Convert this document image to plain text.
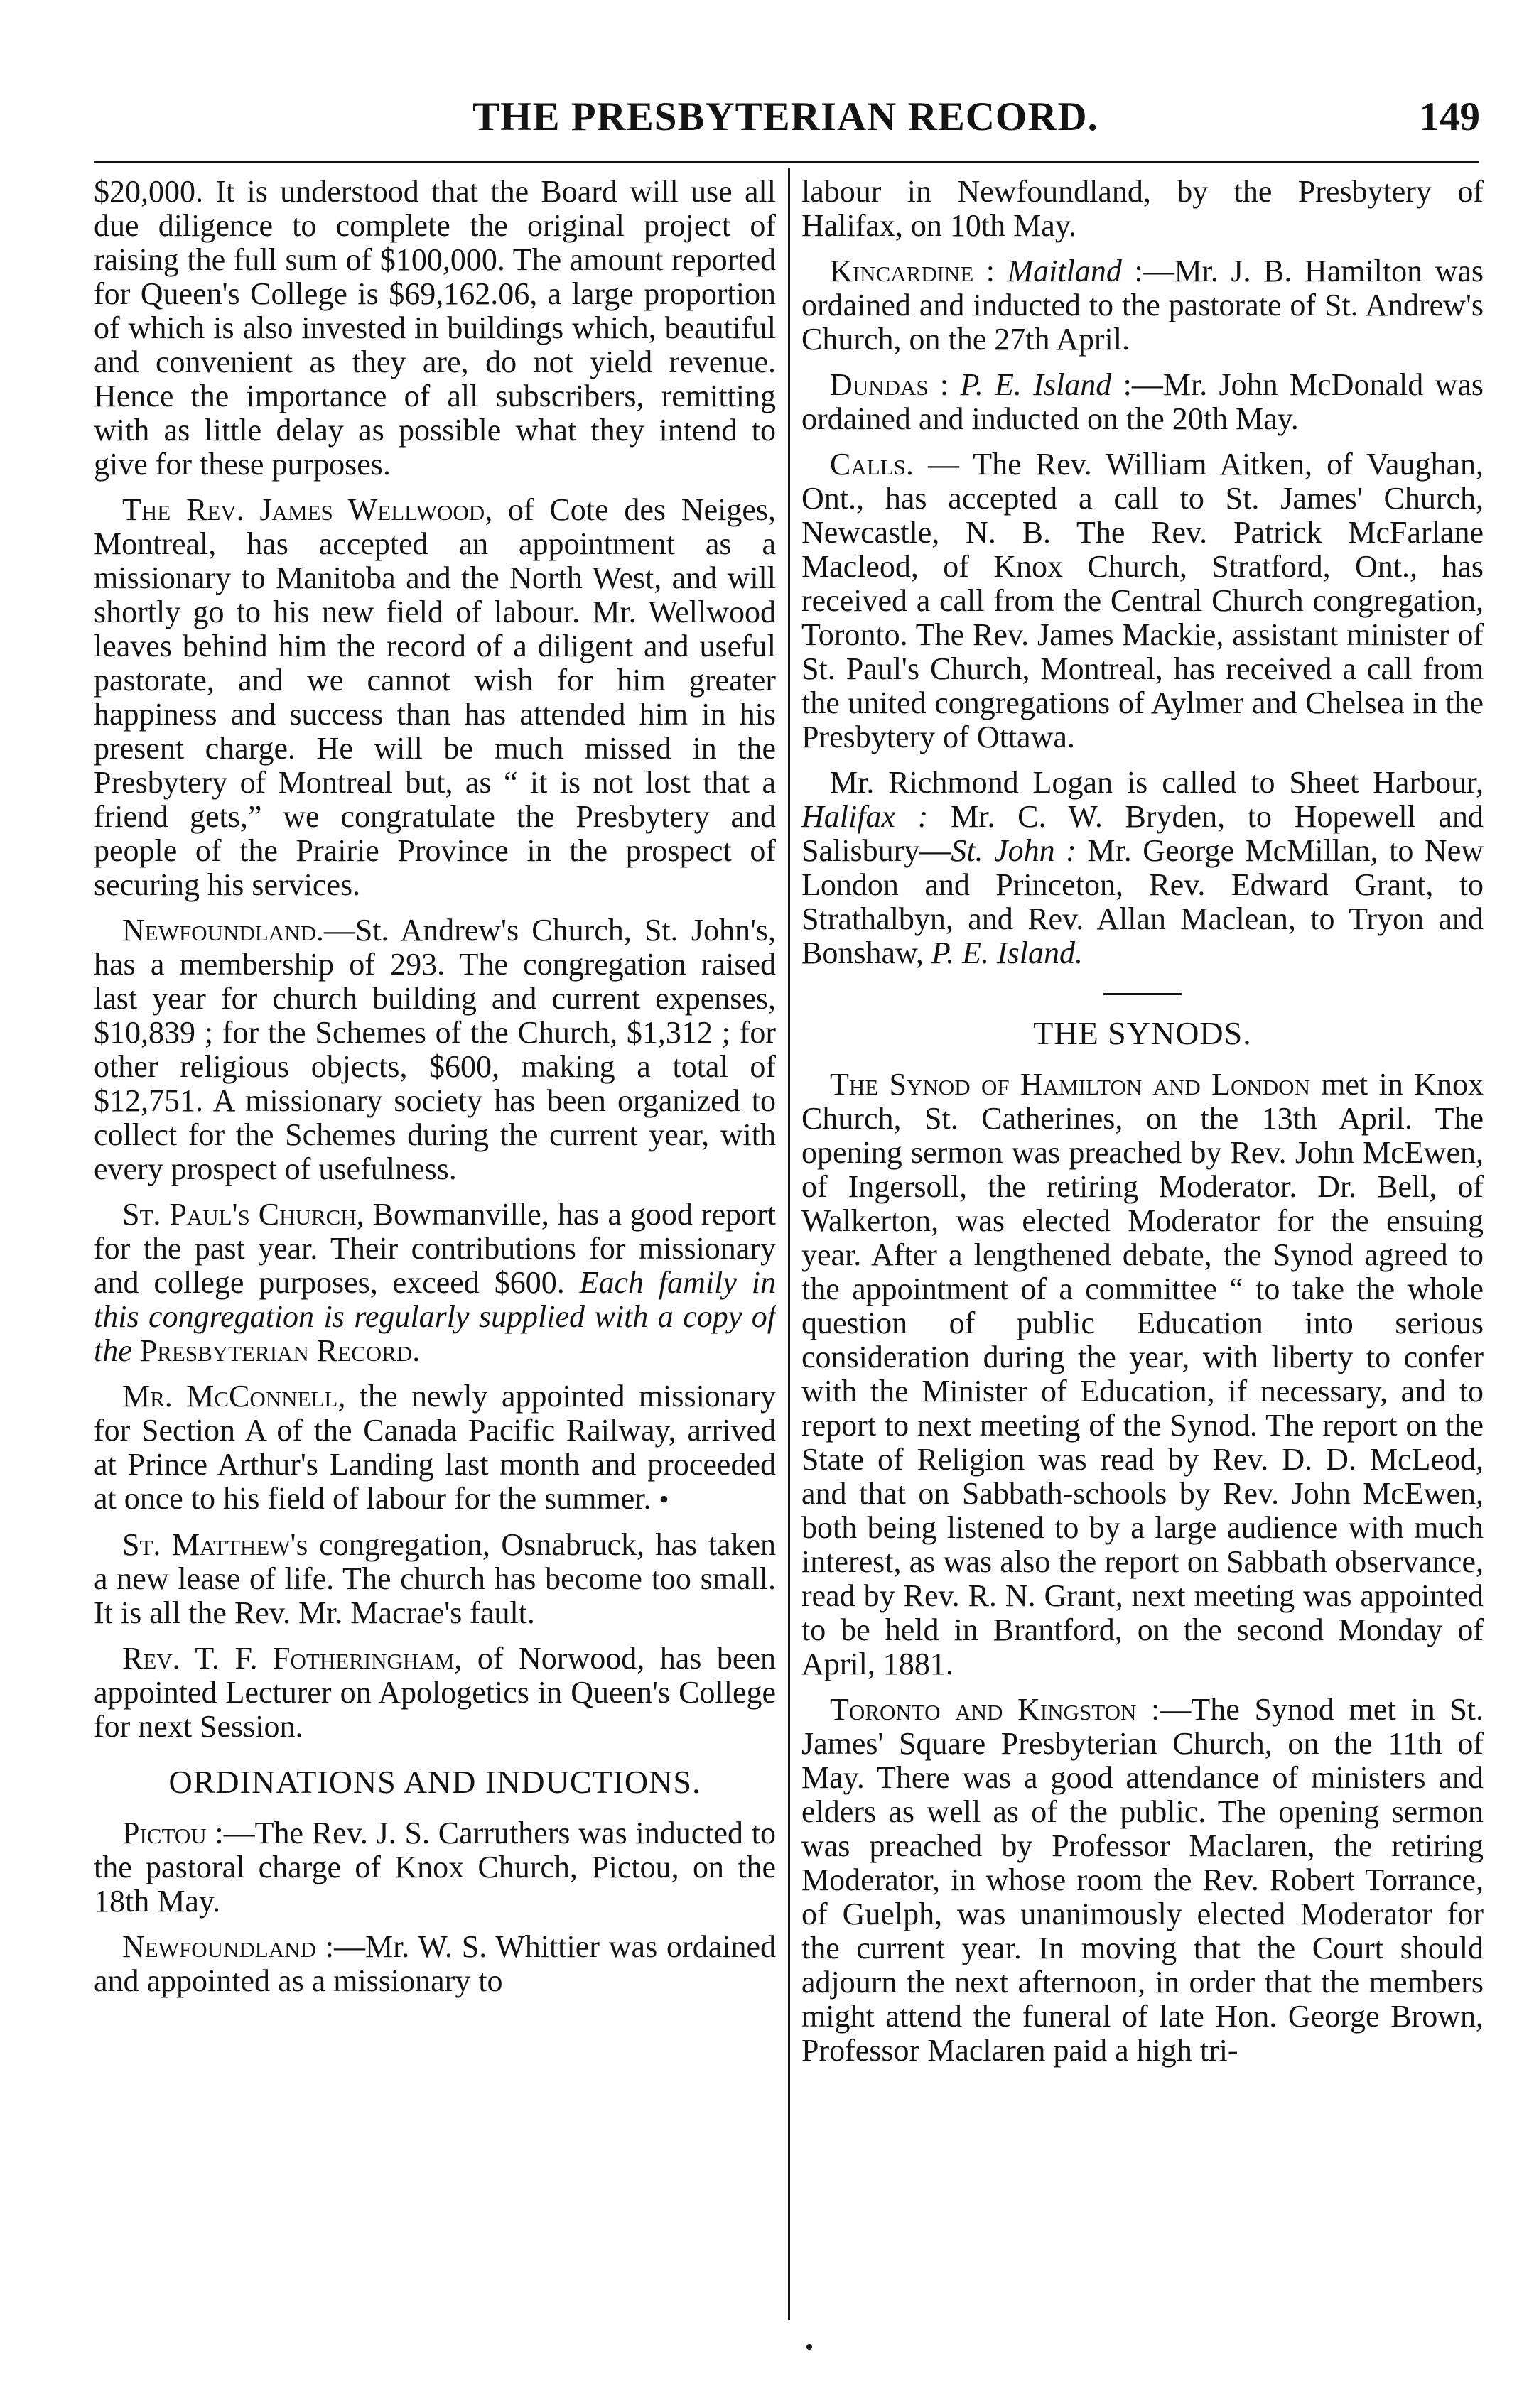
THE PRESBYTERIAN RECORD.	149

$20,000. It is understood that the Board will use all due diligence to complete the original project of raising the full sum of $100,000. The amount reported for Queen's College is $69,162.06, a large proportion of which is also invested in buildings which, beautiful and convenient as they are, do not yield revenue. Hence the importance of all subscribers, remitting with as little delay as possible what they intend to give for these purposes.

The Rev. James Wellwood, of Cote des Neiges, Montreal, has accepted an appointment as a missionary to Manitoba and the North West, and will shortly go to his new field of labour. Mr. Wellwood leaves behind him the record of a diligent and useful pastorate, and we cannot wish for him greater happiness and success than has attended him in his present charge. He will be much missed in the Presbytery of Montreal but, as “ it is not lost that a friend gets,” we congratulate the Presbytery and people of the Prairie Province in the prospect of securing his services.

Newfoundland.—St. Andrew's Church, St. John's, has a membership of 293. The congregation raised last year for church building and current expenses, $10,839 ; for the Schemes of the Church, $1,312 ; for other religious objects, $600, making a total of $12,751. A missionary society has been organized to collect for the Schemes during the current year, with every prospect of usefulness.

St. Paul's Church, Bowmanville, has a good report for the past year. Their contributions for missionary and college purposes, exceed $600. Each family in this congregation is regularly supplied with a copy of the Presbyterian Record.

Mr. McConnell, the newly appointed missionary for Section A of the Canada Pacific Railway, arrived at Prince Arthur's Landing last month and proceeded at once to his field of labour for the summer. •

St. Matthew's congregation, Osnabruck, has taken a new lease of life. The church has become too small. It is all the Rev. Mr. Macrae's fault.

Rev. T. F. Fotheringham, of Norwood, has been appointed Lecturer on Apologetics in Queen's College for next Session.

ORDINATIONS AND INDUCTIONS.

Pictou :—The Rev. J. S. Carruthers was inducted to the pastoral charge of Knox Church, Pictou, on the 18th May.

Newfoundland :—Mr. W. S. Whittier was ordained and appointed as a missionary to

labour in Newfoundland, by the Presbytery of Halifax, on 10th May.

Kincardine : Maitland :—Mr. J. B. Hamilton was ordained and inducted to the pastorate of St. Andrew's Church, on the 27th April.

Dundas : P. E. Island :—Mr. John McDonald was ordained and inducted on the 20th May.

Calls. — The Rev. William Aitken, of Vaughan, Ont., has accepted a call to St. James' Church, Newcastle, N. B. The Rev. Patrick McFarlane Macleod, of Knox Church, Stratford, Ont., has received a call from the Central Church congregation, Toronto. The Rev. James Mackie, assistant minister of St. Paul's Church, Montreal, has received a call from the united congregations of Aylmer and Chelsea in the Presbytery of Ottawa.

Mr. Richmond Logan is called to Sheet Harbour, Halifax : Mr. C. W. Bryden, to Hopewell and Salisbury—St. John : Mr. George McMillan, to New London and Princeton, Rev. Edward Grant, to Strathalbyn, and Rev. Allan Maclean, to Tryon and Bonshaw, P. E. Island.

THE SYNODS.

The Synod of Hamilton and London met in Knox Church, St. Catherines, on the 13th April. The opening sermon was preached by Rev. John McEwen, of Ingersoll, the retiring Moderator. Dr. Bell, of Walkerton, was elected Moderator for the ensuing year. After a lengthened debate, the Synod agreed to the appointment of a committee “ to take the whole question of public Education into serious consideration during the year, with liberty to confer with the Minister of Education, if necessary, and to report to next meeting of the Synod. The report on the State of Religion was read by Rev. D. D. McLeod, and that on Sabbath-schools by Rev. John McEwen, both being listened to by a large audience with much interest, as was also the report on Sabbath observance, read by Rev. R. N. Grant, next meeting was appointed to be held in Brantford, on the second Monday of April, 1881.

Toronto and Kingston :—The Synod met in St. James' Square Presbyterian Church, on the 11th of May. There was a good attendance of ministers and elders as well as of the public. The opening sermon was preached by Professor Maclaren, the retiring Moderator, in whose room the Rev. Robert Torrance, of Guelph, was unanimously elected Moderator for the current year. In moving that the Court should adjourn the next afternoon, in order that the members might attend the funeral of late Hon. George Brown, Professor Maclaren paid a high tri-
